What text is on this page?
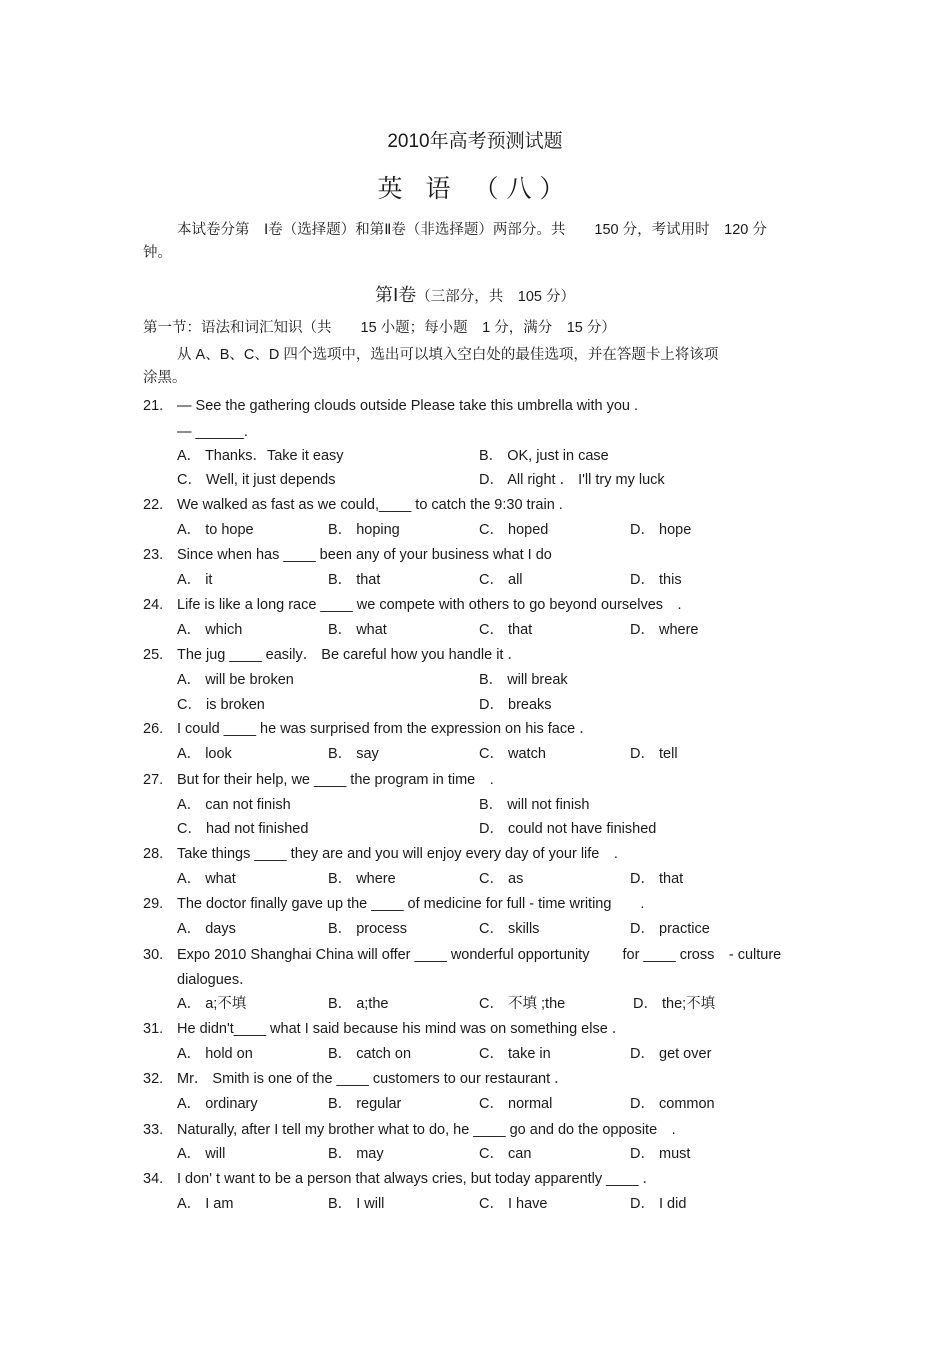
2010年高考预测试题
英 语 （八）
本试卷分第　Ⅰ卷（选择题）和第Ⅱ卷（非选择题）两部分。共　　150 分，考试用时　120 分
钟。
第Ⅰ卷（三部分，共　105 分）
第一节：语法和词汇知识（共　　15 小题；每小题　1 分，满分　15 分）
从 A、B、C、D 四个选项中，选出可以填入空白处的最佳选项，并在答题卡上将该项
涂黑。
21. — See the gathering clouds outside Please take this umbrella with you .
— ______.
A． Thanks．Take it easy	B． OK, just in case
C． Well, it just depends	D． All right ． I'll try my luck
22. We walked as fast as we could,____ to catch the 9:30 train .
A． to hope	B． hoping	C． hoped	D． hope
23. Since when has ____ been any of your business what I do
A． it	B． that	C． all	D． this
24. Life is like a long race ____ we compete with others to go beyond ourselves　.
A． which	B． what	C． that	D． where
25. The jug ____ easily． Be careful how you handle it ．
A． will be broken	B． will break
C． is broken	D． breaks
26. I could ____ he was surprised from the expression on his face ．
A． look	B． say	C． watch	D． tell
27. But for their help, we ____ the program in time　.
A． can not finish	B． will not finish
C． had not finished	D． could not have finished
28. Take things ____ they are and you will enjoy every day of your life　.
A． what	B． where	C． as	D． that
29. The doctor finally gave up the ____ of medicine for full - time writing　　.
A． days	B． process	C． skills	D． practice
30. Expo 2010 Shanghai China will offer ____ wonderful opportunity　　 for ____ cross　- culture
dialogues．
A． a;不填	B． a;the	C． 不填 ;the	D． the;不填
31. He didn't____ what I said because his mind was on something else ．
A． hold on	B． catch on	C． take in	D． get over
32. Mr． Smith is one of the ____ customers to our restaurant ．
A． ordinary	B． regular	C． normal	D． common
33. Naturally, after I tell my brother what to do, he ____ go and do the opposite　.
A． will	B． may	C． can	D． must
34. I don' t want to be a person that always cries, but today apparently ____ ．
A． I am	B． I will	C． I have	D． I did
